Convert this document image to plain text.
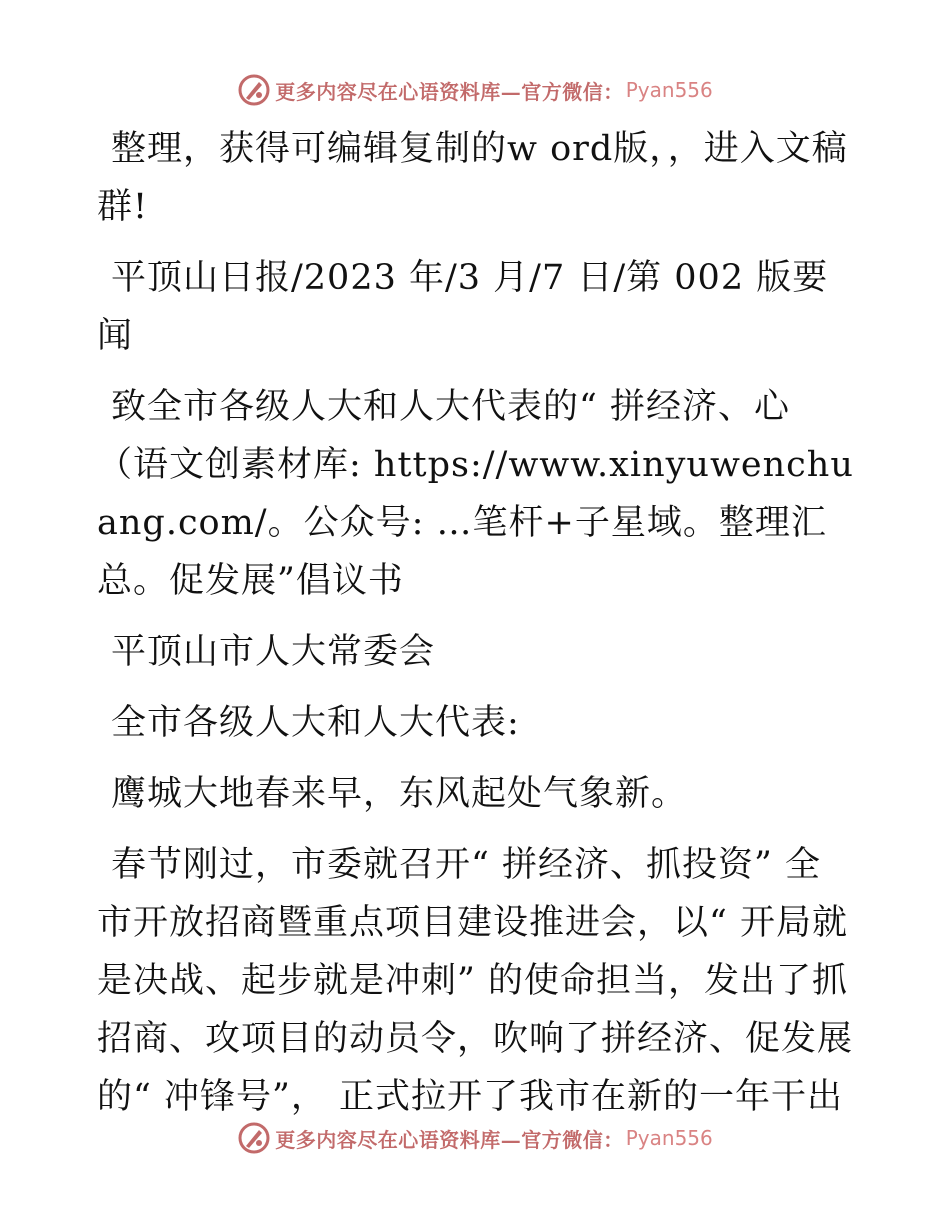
更多内容尽在心语资料库—官方微信： Pyan556

整理，获得可编辑复制的w ord版，，进入文稿群!

平顶山日报/2023 年/3 月/7 日/第 002 版要闻

致全市各级人大和人大代表的“ 拼经济、心（语文创素材库: https://www.xinyuwenchuang.com/。公众号: …笔杆+子星域。整理汇总。促发展”倡议书

平顶山市人大常委会

全市各级人大和人大代表:

鹰城大地春来早，东风起处气象新。

春节刚过，市委就召开“ 拼经济、抓投资” 全市开放招商暨重点项目建设推进会，以“ 开局就是决战、起步就是冲刺” 的使命担当，发出了抓招商、攻项目的动员令，吹响了拼经济、促发展的“ 冲锋号”， 正式拉开了我市在新的一年干出

更多内容尽在心语资料库—官方微信： Pyan556
